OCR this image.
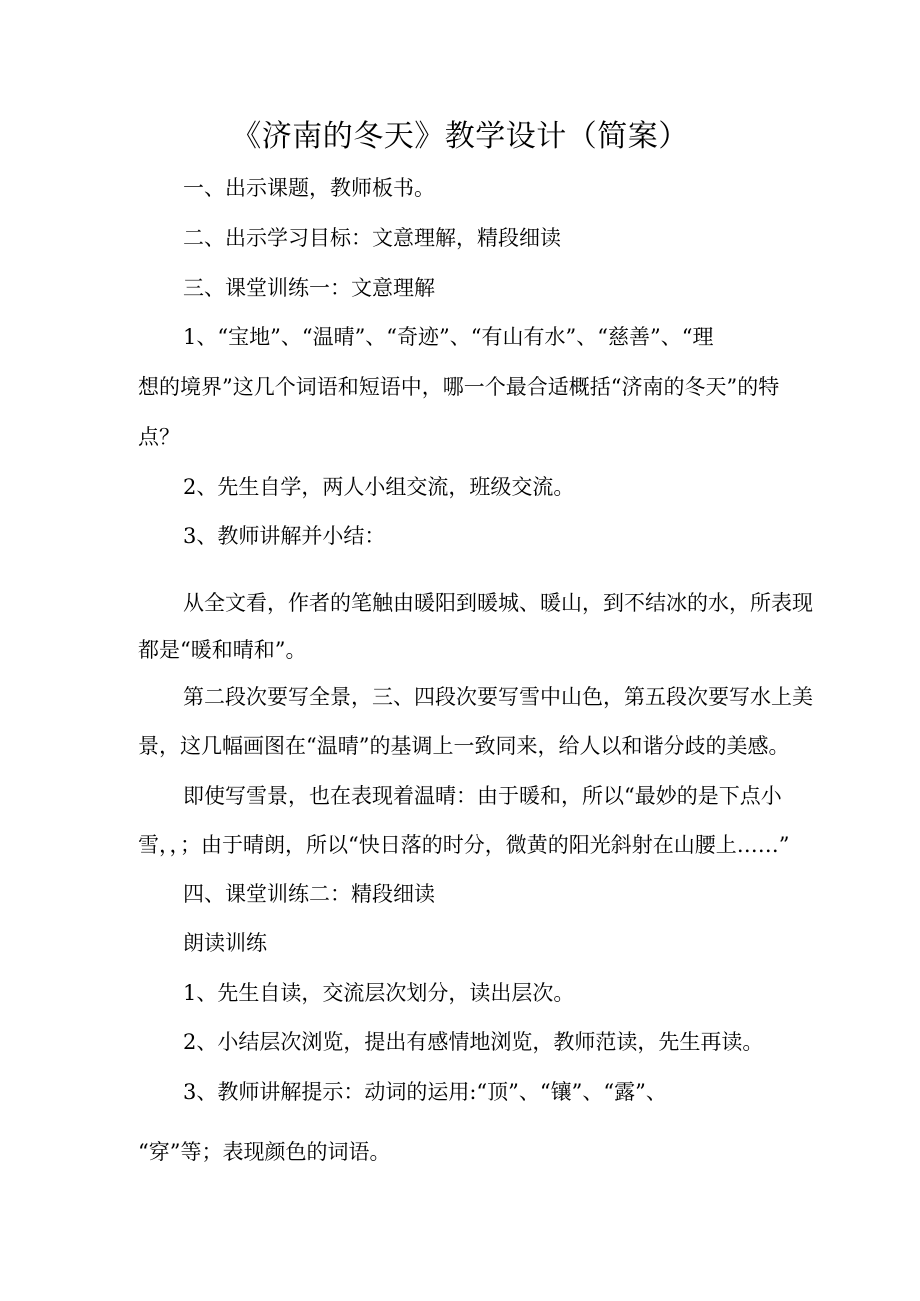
《济南的冬天》教学设计（简案）
一、出示课题，教师板书。
二、出示学习目标：文意理解，精段细读
三、课堂训练一：文意理解
1、“宝地”、“温晴”、“奇迹”、“有山有水”、“慈善”、“理
想的境界”这几个词语和短语中，哪一个最合适概括“济南的冬天”的特
点？
2、先生自学，两人小组交流，班级交流。
3、教师讲解并小结：
从全文看，作者的笔触由暖阳到暖城、暖山，到不结冰的水，所表现
都是“暖和晴和”。
第二段次要写全景，三、四段次要写雪中山色，第五段次要写水上美
景，这几幅画图在“温晴”的基调上一致同来，给人以和谐分歧的美感。
即使写雪景，也在表现着温晴：由于暖和，所以“最妙的是下点小
雪，，；由于晴朗，所以“快日落的时分，微黄的阳光斜射在山腰上……”
四、课堂训练二：精段细读
朗读训练
1、先生自读，交流层次划分，读出层次。
2、小结层次浏览，提出有感情地浏览，教师范读，先生再读。
3、教师讲解提示：动词的运用:“顶”、“镶”、“露”、
“穿”等；表现颜色的词语。
